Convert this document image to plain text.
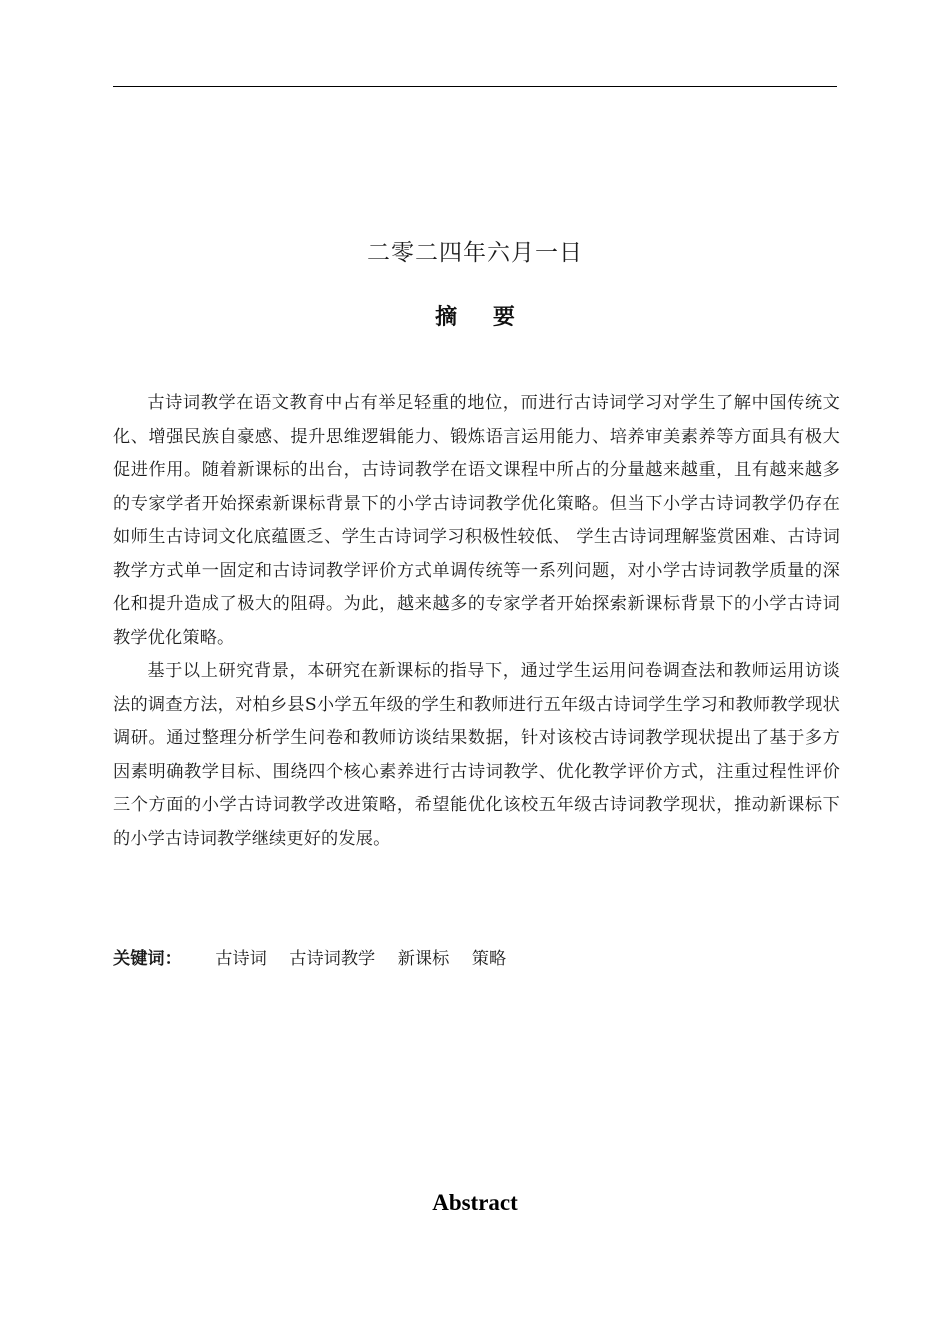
二零二四年六月一日
摘 要

古诗词教学在语文教育中占有举足轻重的地位，而进行古诗词学习对学生了解中国传统文化、增强民族自豪感、提升思维逻辑能力、锻炼语言运用能力、培养审美素养等方面具有极大促进作用。随着新课标的出台，古诗词教学在语文课程中所占的分量越来越重，且有越来越多的专家学者开始探索新课标背景下的小学古诗词教学优化策略。但当下小学古诗词教学仍存在如师生古诗词文化底蕴匮乏、学生古诗词学习积极性较低、 学生古诗词理解鉴赏困难、古诗词教学方式单一固定和古诗词教学评价方式单调传统等一系列问题，对小学古诗词教学质量的深化和提升造成了极大的阻碍。为此，越来越多的专家学者开始探索新课标背景下的小学古诗词教学优化策略。

基于以上研究背景，本研究在新课标的指导下，通过学生运用问卷调查法和教师运用访谈法的调查方法，对柏乡县S小学五年级的学生和教师进行五年级古诗词学生学习和教师教学现状调研。通过整理分析学生问卷和教师访谈结果数据，针对该校古诗词教学现状提出了基于多方因素明确教学目标、围绕四个核心素养进行古诗词教学、优化教学评价方式，注重过程性评价三个方面的小学古诗词教学改进策略，希望能优化该校五年级古诗词教学现状，推动新课标下的小学古诗词教学继续更好的发展。

关键词： 古诗词 古诗词教学 新课标 策略
Abstract
